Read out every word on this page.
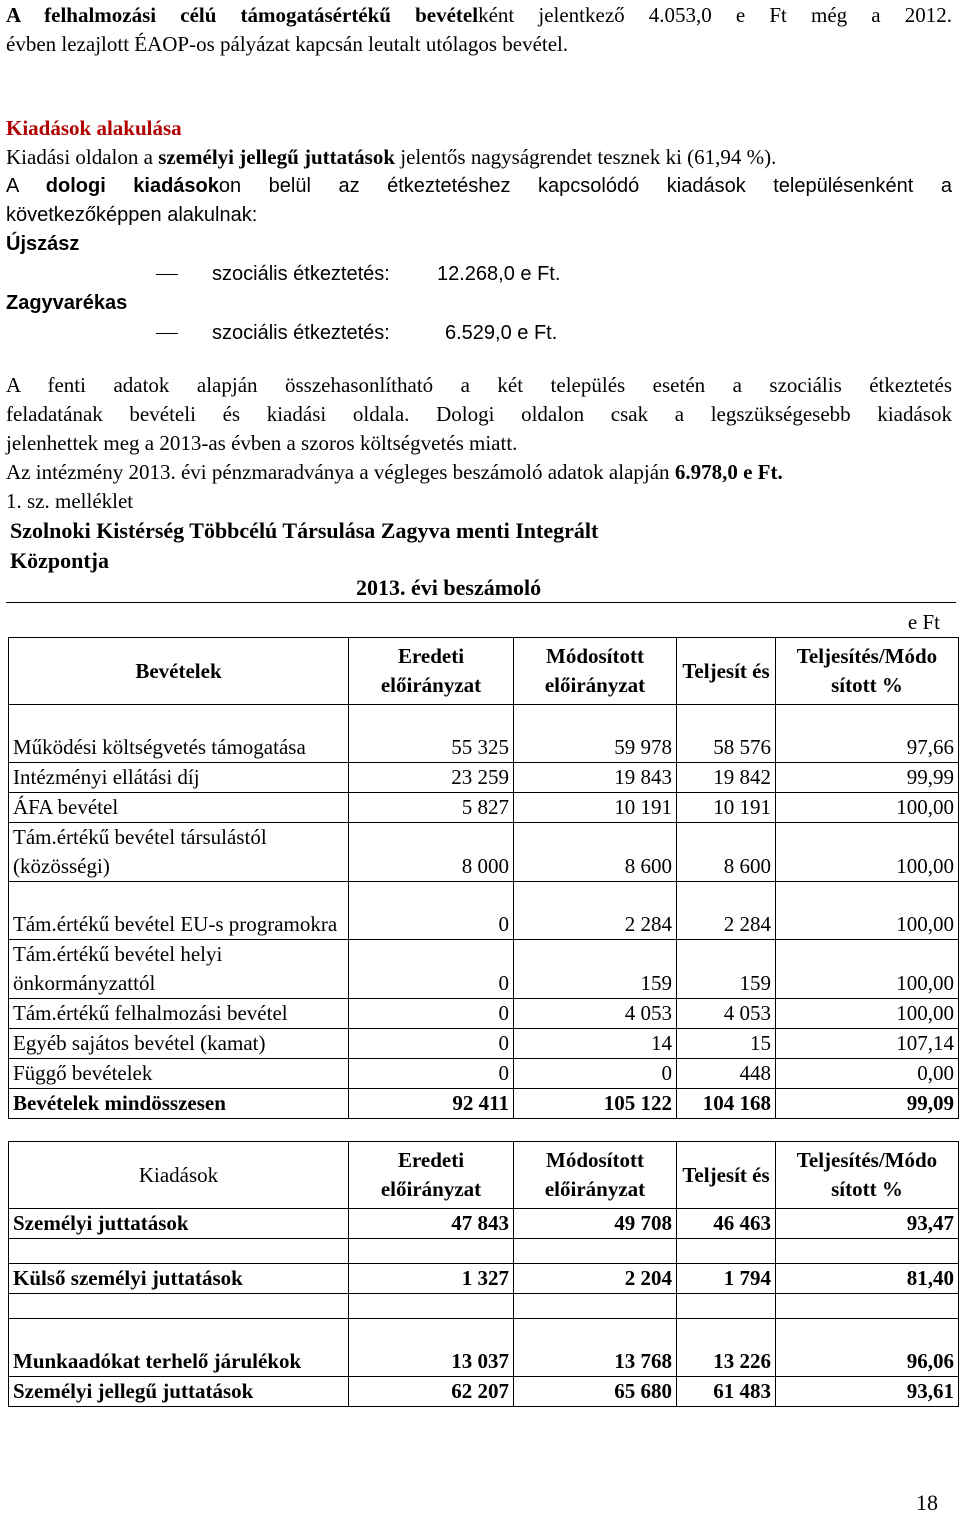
A felhalmozási célú támogatásértékű bevételként jelentkező 4.053,0 e Ft még a 2012.

évben lezajlott ÉAOP-os pályázat kapcsán leutalt utólagos bevétel.

Kiadások alakulása

Kiadási oldalon a személyi jellegű juttatások jelentős nagyságrendet tesznek ki (61,94 %).

A dologi kiadásokon belül az étkeztetéshez kapcsolódó kiadások településenként a

következőképpen alakulnak:

Újszász

szociális étkeztetés:	12.268,0 e Ft.

Zagyvarékas

szociális étkeztetés:	6.529,0 e Ft.

A fenti adatok alapján összehasonlítható a két település esetén a szociális étkeztetés

feladatának bevételi és kiadási oldala. Dologi oldalon csak a legszükségesebb kiadások

jelenhettek meg a 2013-as évben a szoros költségvetés miatt.

Az intézmény 2013. évi pénzmaradványa a végleges beszámoló adatok alapján 6.978,0 e Ft.

1. sz. melléklet

Szolnoki Kistérség Többcélú Társulása Zagyva menti Integrált
Központja
2013. évi beszámoló
e Ft
Bevételek	Eredeti előirányzat	Módosított előirányzat	Teljesít és	Teljesítés/Módo sított %
Működési költségvetés támogatása	55 325	59 978	58 576	97,66
Intézményi ellátási díj	23 259	19 843	19 842	99,99
ÁFA bevétel	5 827	10 191	10 191	100,00
Tám.értékű bevétel társulástól (közösségi)	8 000	8 600	8 600	100,00
Tám.értékű bevétel EU-s programokra	0	2 284	2 284	100,00
Tám.értékű bevétel helyi önkormányzattól	0	159	159	100,00
Tám.értékű felhalmozási bevétel	0	4 053	4 053	100,00
Egyéb sajátos bevétel (kamat)	0	14	15	107,14
Függő bevételek	0	0	448	0,00
Bevételek mindösszesen	92 411	105 122	104 168	99,09
Kiadások	Eredeti előirányzat	Módosított előirányzat	Teljesít és	Teljesítés/Módo sított %
Személyi juttatások	47 843	49 708	46 463	93,47

Külső személyi juttatások	1 327	2 204	1 794	81,40

Munkaadókat terhelő járulékok	13 037	13 768	13 226	96,06
Személyi jellegű juttatások	62 207	65 680	61 483	93,61
18
